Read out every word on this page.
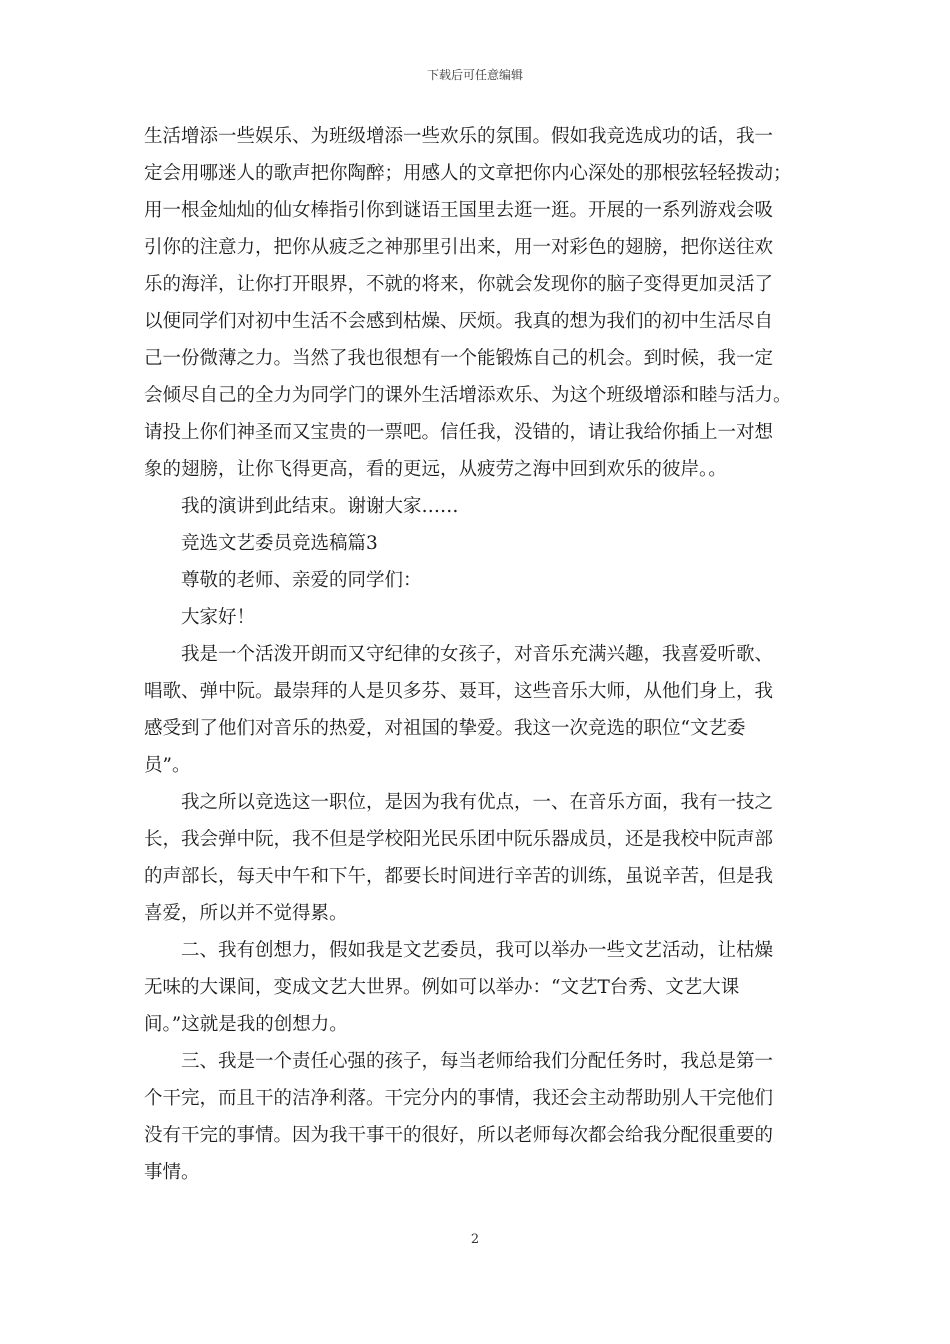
下载后可任意编辑
生活增添一些娱乐、为班级增添一些欢乐的氛围。假如我竞选成功的话，我一
定会用哪迷人的歌声把你陶醉；用感人的文章把你内心深处的那根弦轻轻拨动；
用一根金灿灿的仙女棒指引你到谜语王国里去逛一逛。开展的一系列游戏会吸
引你的注意力，把你从疲乏之神那里引出来，用一对彩色的翅膀，把你送往欢
乐的海洋，让你打开眼界，不就的将来，你就会发现你的脑子变得更加灵活了
以便同学们对初中生活不会感到枯燥、厌烦。我真的想为我们的初中生活尽自
己一份微薄之力。当然了我也很想有一个能锻炼自己的机会。到时候，我一定
会倾尽自己的全力为同学门的课外生活增添欢乐、为这个班级增添和睦与活力。
请投上你们神圣而又宝贵的一票吧。信任我，没错的，请让我给你插上一对想
象的翅膀，让你飞得更高，看的更远，从疲劳之海中回到欢乐的彼岸。。
我的演讲到此结束。谢谢大家……
竞选文艺委员竞选稿篇3
尊敬的老师、亲爱的同学们：
大家好！
我是一个活泼开朗而又守纪律的女孩子，对音乐充满兴趣，我喜爱听歌、
唱歌、弹中阮。最崇拜的人是贝多芬、聂耳，这些音乐大师，从他们身上，我
感受到了他们对音乐的热爱，对祖国的挚爱。我这一次竞选的职位“文艺委
员”。
我之所以竞选这一职位，是因为我有优点，一、在音乐方面，我有一技之
长，我会弹中阮，我不但是学校阳光民乐团中阮乐器成员，还是我校中阮声部
的声部长，每天中午和下午，都要长时间进行辛苦的训练，虽说辛苦，但是我
喜爱，所以并不觉得累。
二、我有创想力，假如我是文艺委员，我可以举办一些文艺活动，让枯燥
无味的大课间，变成文艺大世界。例如可以举办：“文艺T台秀、文艺大课
间。”这就是我的创想力。
三、我是一个责任心强的孩子，每当老师给我们分配任务时，我总是第一
个干完，而且干的洁净利落。干完分内的事情，我还会主动帮助别人干完他们
没有干完的事情。因为我干事干的很好，所以老师每次都会给我分配很重要的
事情。
2
